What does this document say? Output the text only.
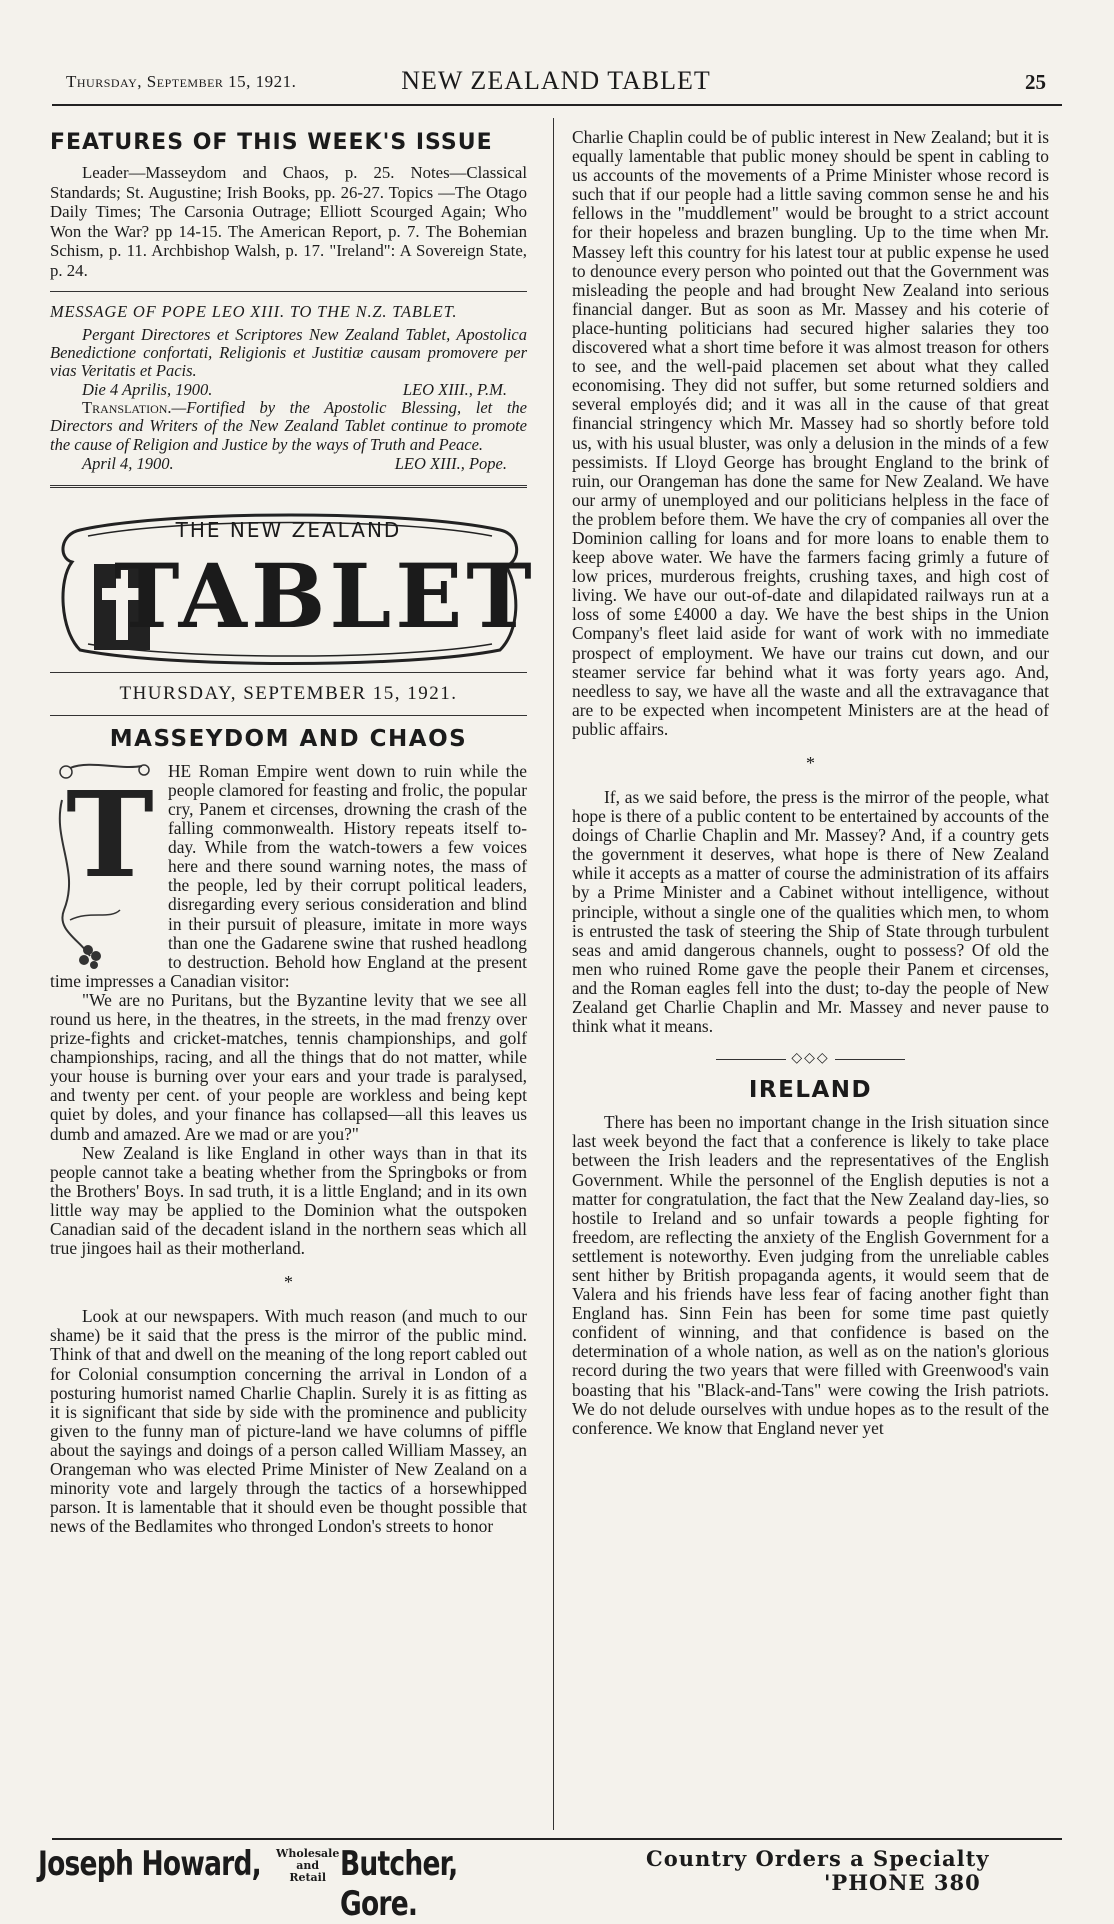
Thursday, September 15, 1921.	NEW ZEALAND TABLET	25
FEATURES OF THIS WEEK'S ISSUE

Leader—Masseydom and Chaos, p. 25. Notes—Classical Standards; St. Augustine; Irish Books, pp. 26-27. Topics —The Otago Daily Times; The Carsonia Outrage; Elliott Scourged Again; Who Won the War? pp 14-15. The American Report, p. 7. The Bohemian Schism, p. 11. Archbishop Walsh, p. 17. "Ireland": A Sovereign State, p. 24.

MESSAGE OF POPE LEO XIII. TO THE N.Z. TABLET.

Pergant Directores et Scriptores New Zealand Tablet, Apostolica Benedictione confortati, Religionis et Justitiæ causam promovere per vias Veritatis et Pacis.

Die 4 Aprilis, 1900.	LEO XIII., P.M.

Translation.—Fortified by the Apostolic Blessing, let the Directors and Writers of the New Zealand Tablet continue to promote the cause of Religion and Justice by the ways of Truth and Peace.

April 4, 1900.	LEO XIII., Pope.
THE NEW ZEALAND
TABLET
THURSDAY, SEPTEMBER 15, 1921.
MASSEYDOM AND CHAOS
T HE Roman Empire went down to ruin while the people clamored for feasting and frolic, the popular cry, Panem et circenses, drowning the crash of the falling commonwealth. History repeats itself to-day. While from the watch-towers a few voices here and there sound warning notes, the mass of the people, led by their corrupt political leaders, disregarding every serious consideration and blind in their pursuit of pleasure, imitate in more ways than one the Gadarene swine that rushed headlong to destruction. Behold how England at the present time impresses a Canadian visitor:

"We are no Puritans, but the Byzantine levity that we see all round us here, in the theatres, in the streets, in the mad frenzy over prize-fights and cricket-matches, tennis championships, and golf championships, racing, and all the things that do not matter, while your house is burning over your ears and your trade is paralysed, and twenty per cent. of your people are workless and being kept quiet by doles, and your finance has collapsed—all this leaves us dumb and amazed. Are we mad or are you?"

New Zealand is like England in other ways than in that its people cannot take a beating whether from the Springboks or from the Brothers' Boys. In sad truth, it is a little England; and in its own little way may be applied to the Dominion what the outspoken Canadian said of the decadent island in the northern seas which all true jingoes hail as their motherland.

*

Look at our newspapers. With much reason (and much to our shame) be it said that the press is the mirror of the public mind. Think of that and dwell on the meaning of the long report cabled out for Colonial consumption concerning the arrival in London of a posturing humorist named Charlie Chaplin. Surely it is as fitting as it is significant that side by side with the prominence and publicity given to the funny man of picture-land we have columns of piffle about the sayings and doings of a person called William Massey, an Orangeman who was elected Prime Minister of New Zealand on a minority vote and largely through the tactics of a horsewhipped parson. It is lamentable that it should even be thought possible that news of the Bedlamites who thronged London's streets to honor

Charlie Chaplin could be of public interest in New Zealand; but it is equally lamentable that public money should be spent in cabling to us accounts of the movements of a Prime Minister whose record is such that if our people had a little saving common sense he and his fellows in the "muddlement" would be brought to a strict account for their hopeless and brazen bungling. Up to the time when Mr. Massey left this country for his latest tour at public expense he used to denounce every person who pointed out that the Government was misleading the people and had brought New Zealand into serious financial danger. But as soon as Mr. Massey and his coterie of place-hunting politicians had secured higher salaries they too discovered what a short time before it was almost treason for others to see, and the well-paid placemen set about what they called economising. They did not suffer, but some returned soldiers and several employés did; and it was all in the cause of that great financial stringency which Mr. Massey had so shortly before told us, with his usual bluster, was only a delusion in the minds of a few pessimists. If Lloyd George has brought England to the brink of ruin, our Orangeman has done the same for New Zealand. We have our army of unemployed and our politicians helpless in the face of the problem before them. We have the cry of companies all over the Dominion calling for loans and for more loans to enable them to keep above water. We have the farmers facing grimly a future of low prices, murderous freights, crushing taxes, and high cost of living. We have our out-of-date and dilapidated railways run at a loss of some £4000 a day. We have the best ships in the Union Company's fleet laid aside for want of work with no immediate prospect of employment. We have our trains cut down, and our steamer service far behind what it was forty years ago. And, needless to say, we have all the waste and all the extravagance that are to be expected when incompetent Ministers are at the head of public affairs.

*

If, as we said before, the press is the mirror of the people, what hope is there of a public content to be entertained by accounts of the doings of Charlie Chaplin and Mr. Massey? And, if a country gets the government it deserves, what hope is there of New Zealand while it accepts as a matter of course the administration of its affairs by a Prime Minister and a Cabinet without intelligence, without principle, without a single one of the qualities which men, to whom is entrusted the task of steering the Ship of State through turbulent seas and amid dangerous channels, ought to possess? Of old the men who ruined Rome gave the people their Panem et circenses, and the Roman eagles fell into the dust; to-day the people of New Zealand get Charlie Chaplin and Mr. Massey and never pause to think what it means.

◇◇◇
IRELAND

There has been no important change in the Irish situation since last week beyond the fact that a conference is likely to take place between the Irish leaders and the representatives of the English Government. While the personnel of the English deputies is not a matter for congratulation, the fact that the New Zealand day-lies, so hostile to Ireland and so unfair towards a people fighting for freedom, are reflecting the anxiety of the English Government for a settlement is noteworthy. Even judging from the unreliable cables sent hither by British propaganda agents, it would seem that de Valera and his friends have less fear of facing another fight than England has. Sinn Fein has been for some time past quietly confident of winning, and that confidence is based on the determination of a whole nation, as well as on the nation's glorious record during the two years that were filled with Greenwood's vain boasting that his "Black-and-Tans" were cowing the Irish patriots. We do not delude ourselves with undue hopes as to the result of the conference. We know that England never yet

Joseph Howard, Wholesale
and
Retail Butcher, Gore.
Country Orders a Specialty
'PHONE 380
